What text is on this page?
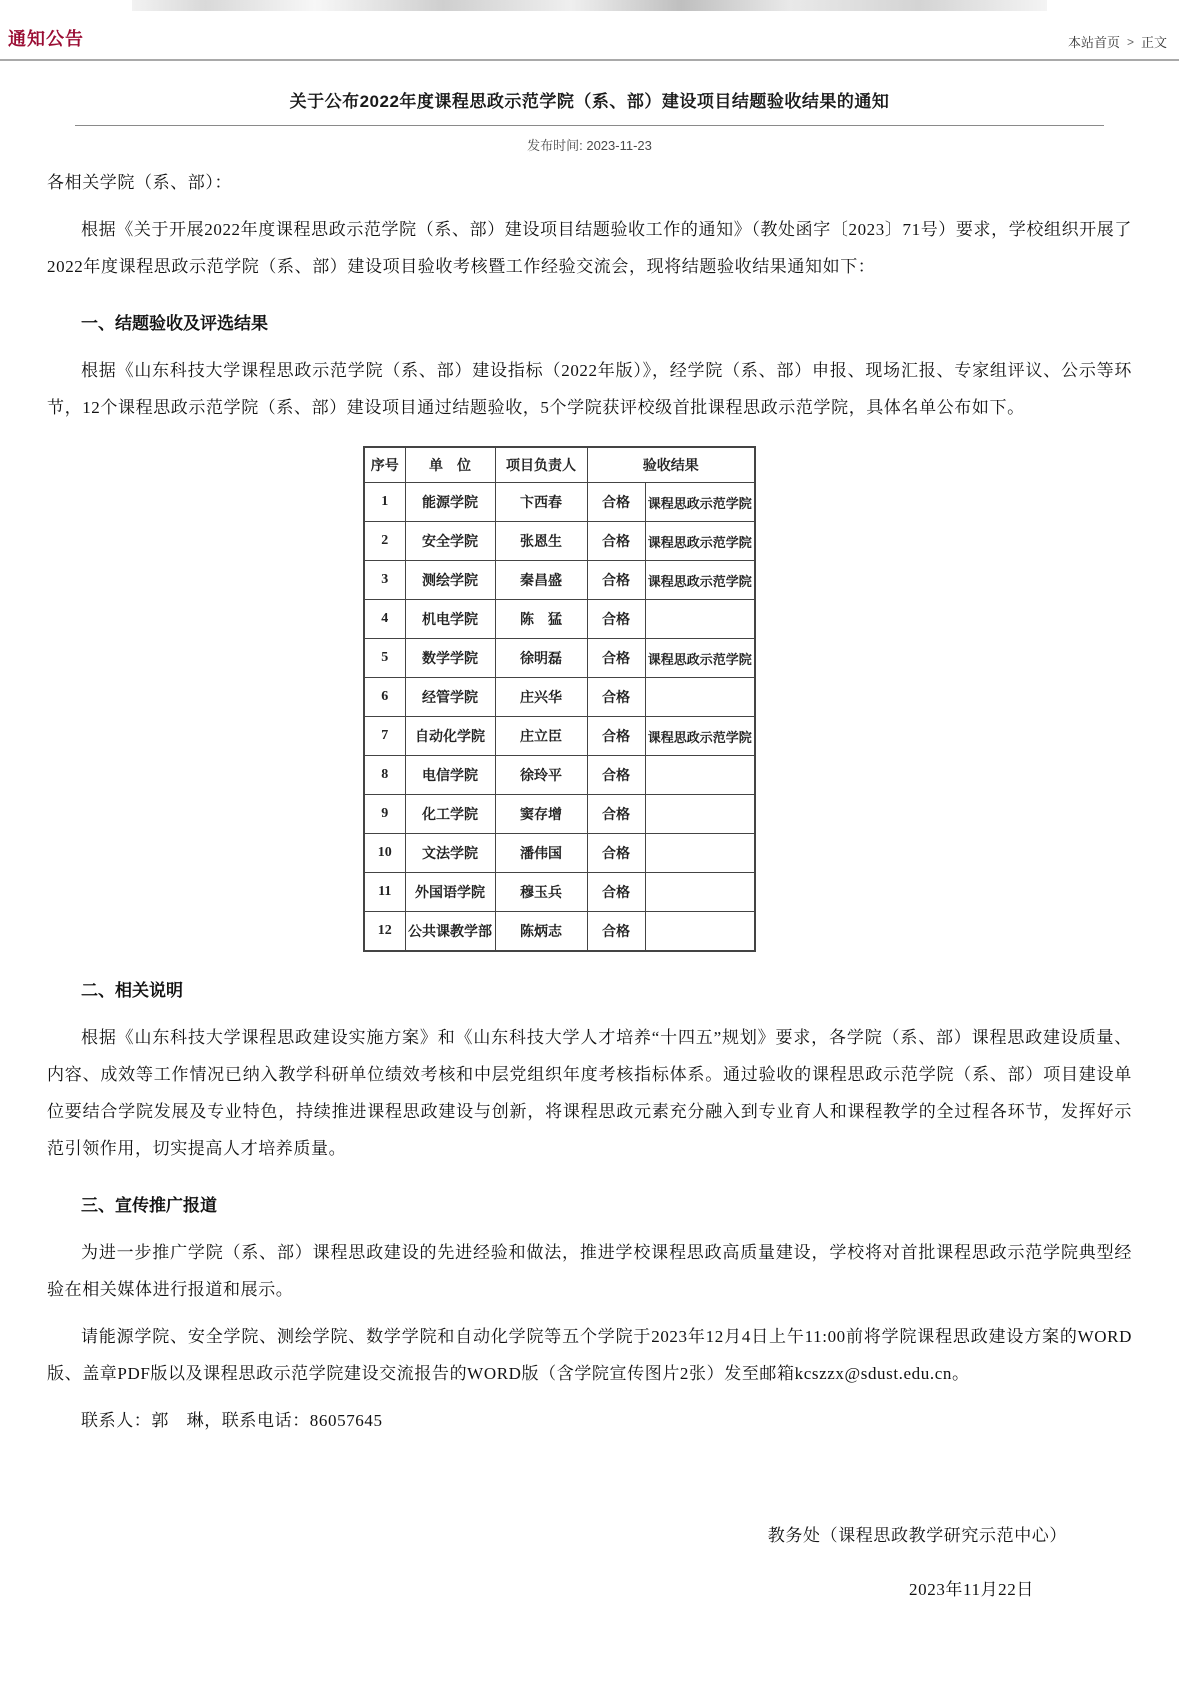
通知公告	本站首页 > 正文
关于公布2022年度课程思政示范学院（系、部）建设项目结题验收结果的通知
发布时间: 2023-11-23

各相关学院（系、部）：

根据《关于开展2022年度课程思政示范学院（系、部）建设项目结题验收工作的通知》（教处函字〔2023〕71号）要求，学校组织开展了2022年度课程思政示范学院（系、部）建设项目验收考核暨工作经验交流会，现将结题验收结果通知如下：

一、结题验收及评选结果

根据《山东科技大学课程思政示范学院（系、部）建设指标（2022年版）》，经学院（系、部）申报、现场汇报、专家组评议、公示等环节，12个课程思政示范学院（系、部）建设项目通过结题验收，5个学院获评校级首批课程思政示范学院，具体名单公布如下。

序号	单　位	项目负责人	验收结果	
1	能源学院	卞西春	合格	课程思政示范学院
2	安全学院	张恩生	合格	课程思政示范学院
3	测绘学院	秦昌盛	合格	课程思政示范学院
4	机电学院	陈　猛	合格	
5	数学学院	徐明磊	合格	课程思政示范学院
6	经管学院	庄兴华	合格	
7	自动化学院	庄立臣	合格	课程思政示范学院
8	电信学院	徐玲平	合格	
9	化工学院	窦存增	合格	
10	文法学院	潘伟国	合格	
11	外国语学院	穆玉兵	合格	
12	公共课教学部	陈炳志	合格	
二、相关说明

根据《山东科技大学课程思政建设实施方案》和《山东科技大学人才培养“十四五”规划》要求，各学院（系、部）课程思政建设质量、内容、成效等工作情况已纳入教学科研单位绩效考核和中层党组织年度考核指标体系。通过验收的课程思政示范学院（系、部）项目建设单位要结合学院发展及专业特色，持续推进课程思政建设与创新，将课程思政元素充分融入到专业育人和课程教学的全过程各环节，发挥好示范引领作用，切实提高人才培养质量。

三、宣传推广报道

为进一步推广学院（系、部）课程思政建设的先进经验和做法，推进学校课程思政高质量建设，学校将对首批课程思政示范学院典型经验在相关媒体进行报道和展示。

请能源学院、安全学院、测绘学院、数学学院和自动化学院等五个学院于2023年12月4日上午11:00前将学院课程思政建设方案的WORD版、盖章PDF版以及课程思政示范学院建设交流报告的WORD版（含学院宣传图片2张）发至邮箱kcszzx@sdust.edu.cn。

联系人：郭　琳，联系电话：86057645

教务处（课程思政教学研究示范中心）
2023年11月22日
